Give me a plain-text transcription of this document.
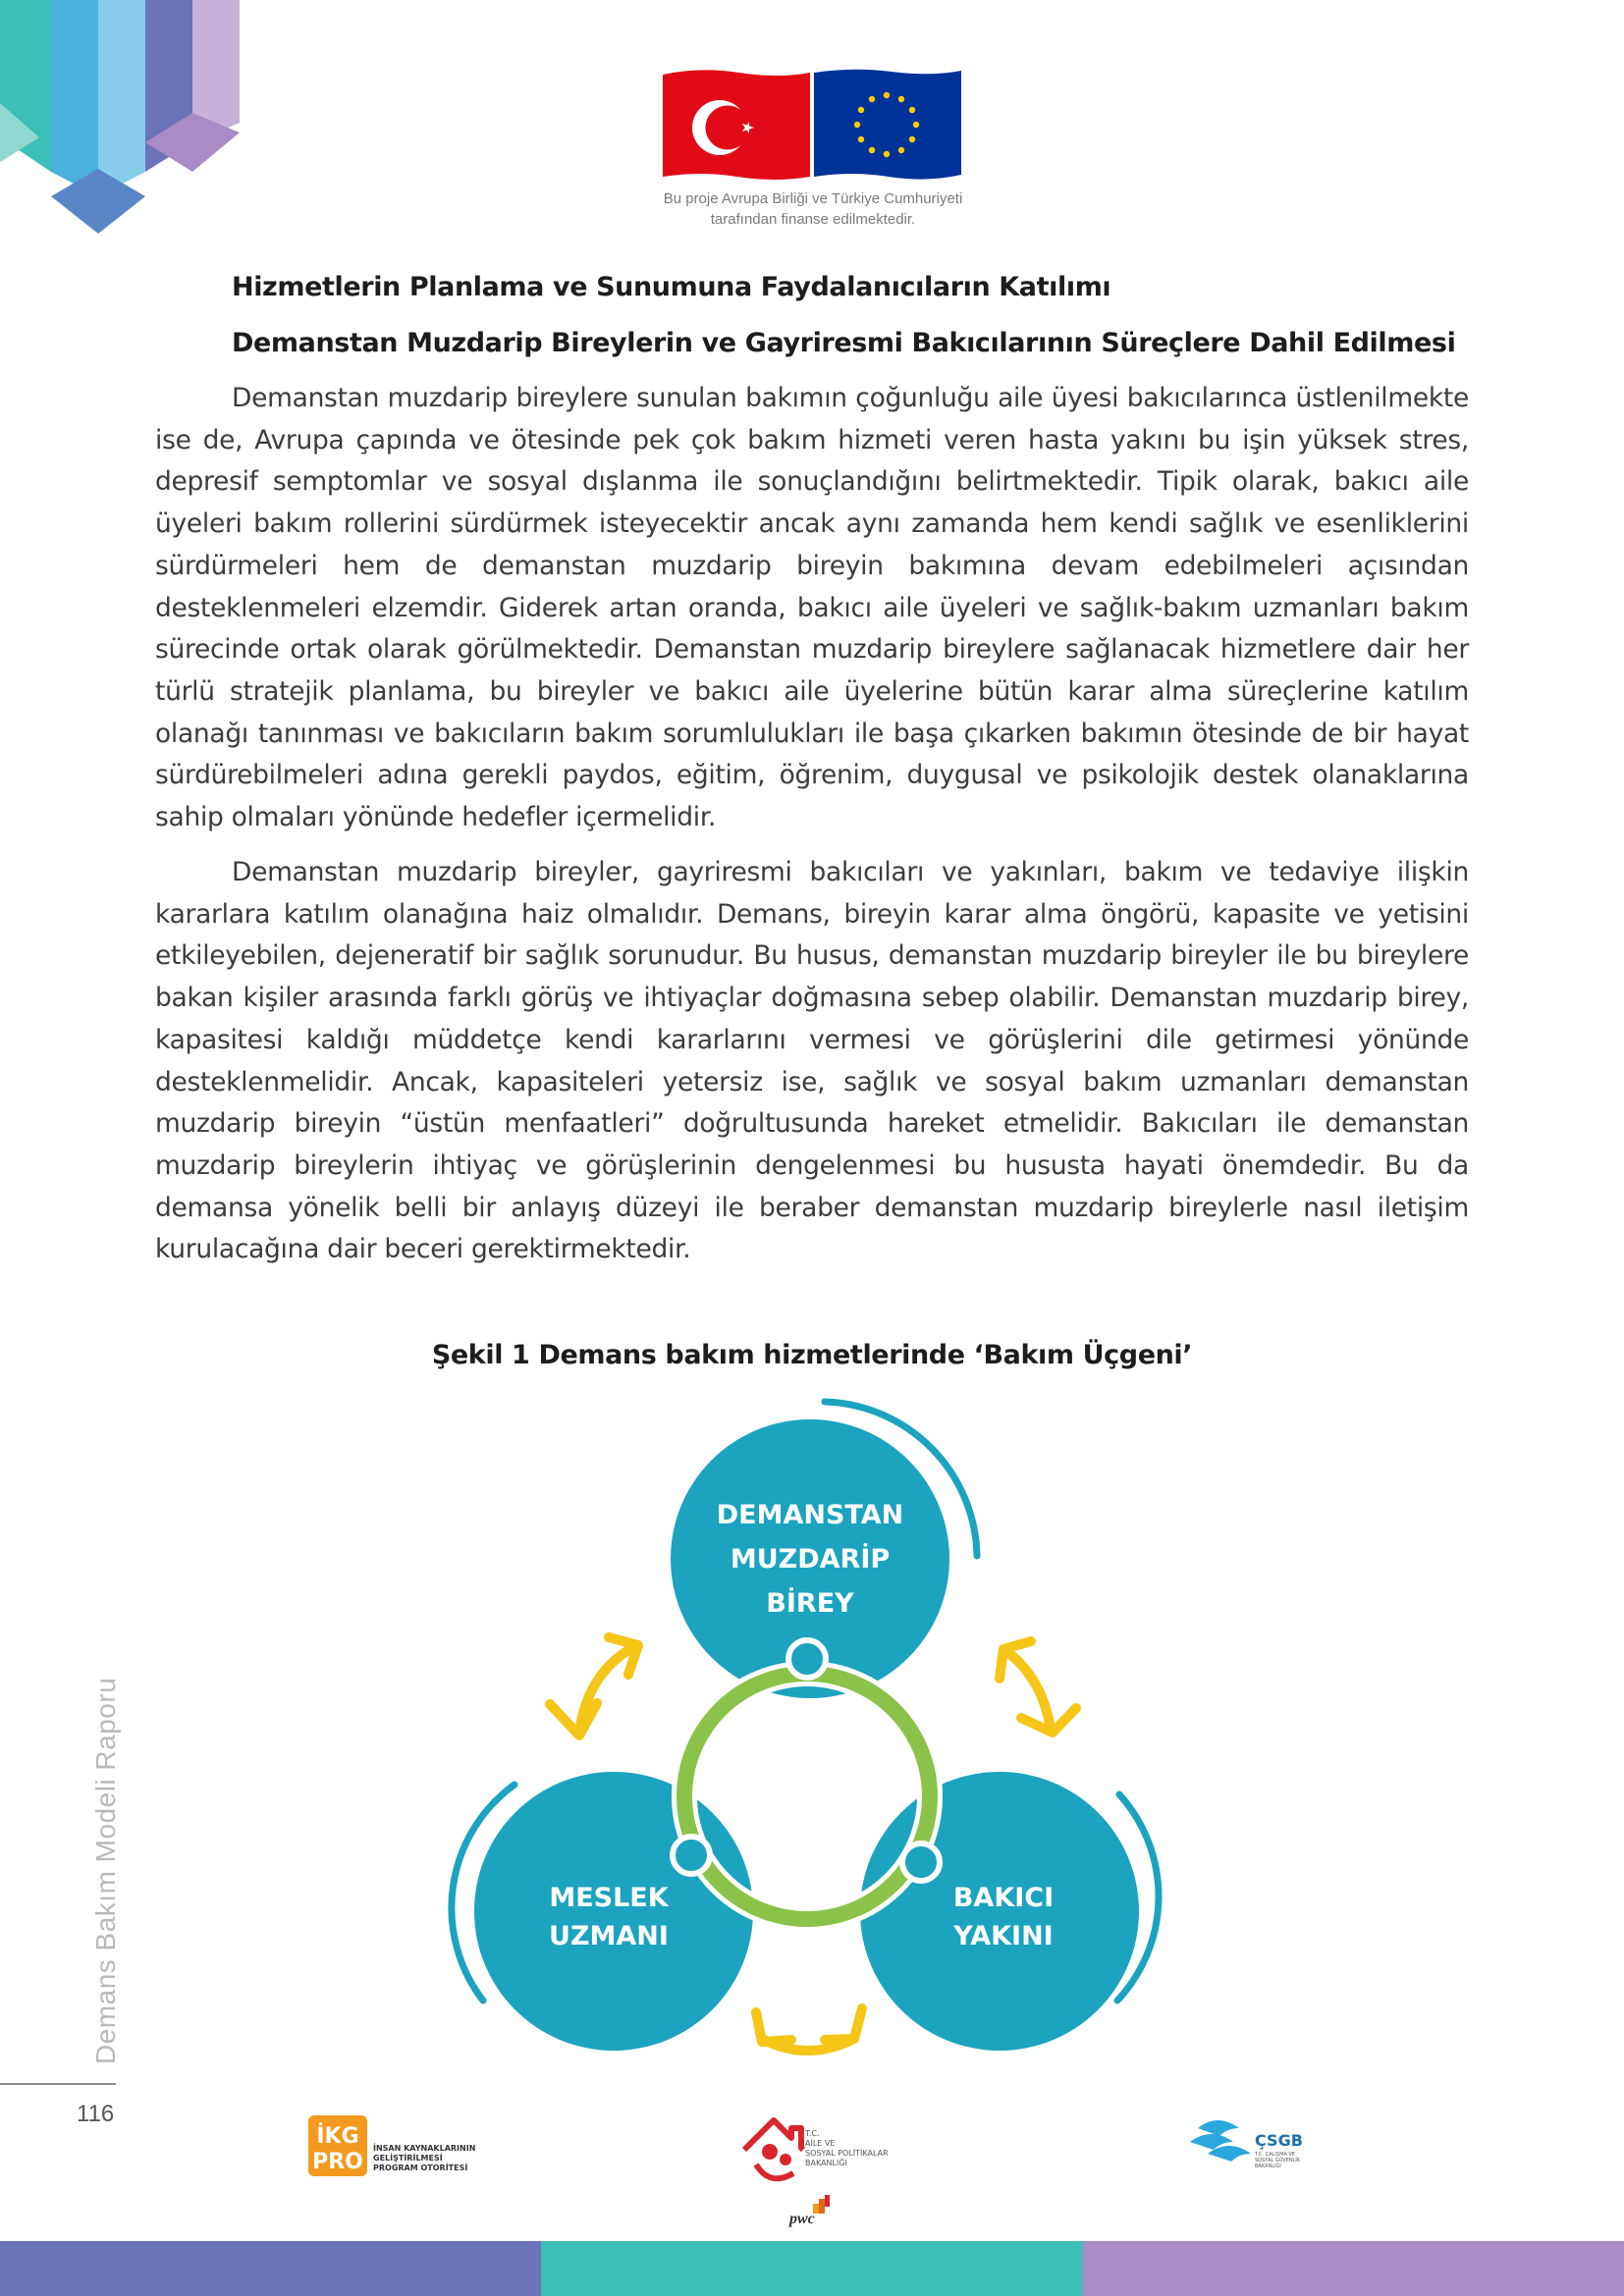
Bu proje Avrupa Birliği ve Türkiye Cumhuriyeti
tarafından finanse edilmektedir.
Hizmetlerin Planlama ve Sunumuna Faydalanıcıların Katılımı
Demanstan Muzdarip Bireylerin ve Gayriresmi Bakıcılarının Süreçlere Dahil Edilmesi

Demanstan muzdarip bireylere sunulan bakımın çoğunluğu aile üyesi bakıcılarınca üstlenilmekte ise de, Avrupa çapında ve ötesinde pek çok bakım hizmeti veren hasta yakını bu işin yüksek stres, depresif semptomlar ve sosyal dışlanma ile sonuçlandığını belirtmektedir. Tipik olarak, bakıcı aile üyeleri bakım rollerini sürdürmek isteyecektir ancak aynı zamanda hem kendi sağlık ve esenliklerini sürdürmeleri hem de demanstan muzdarip bireyin bakımına devam edebilmeleri açısından desteklenmeleri elzemdir. Giderek artan oranda, bakıcı aile üyeleri ve sağlık-bakım uzmanları bakım sürecinde ortak olarak görülmektedir. Demanstan muzdarip bireylere sağlanacak hizmetlere dair her türlü stratejik planlama, bu bireyler ve bakıcı aile üyelerine bütün karar alma süreçlerine katılım olanağı tanınması ve bakıcıların bakım sorumlulukları ile başa çıkarken bakımın ötesinde de bir hayat sürdürebilmeleri adına gerekli paydos, eğitim, öğrenim, duygusal ve psikolojik destek olanaklarına sahip olmaları yönünde hedefler içermelidir.

Demanstan muzdarip bireyler, gayriresmi bakıcıları ve yakınları, bakım ve tedaviye ilişkin kararlara katılım olanağına haiz olmalıdır. Demans, bireyin karar alma öngörü, kapasite ve yetisini etkileyebilen, dejeneratif bir sağlık sorunudur. Bu husus, demanstan muzdarip bireyler ile bu bireylere bakan kişiler arasında farklı görüş ve ihtiyaçlar doğmasına sebep olabilir. Demanstan muzdarip birey, kapasitesi kaldığı müddetçe kendi kararlarını vermesi ve görüşlerini dile getirmesi yönünde desteklenmelidir. Ancak, kapasiteleri yetersiz ise, sağlık ve sosyal bakım uzmanları demanstan muzdarip bireyin “üstün menfaatleri” doğrultusunda hareket etmelidir. Bakıcıları ile demanstan muzdarip bireylerin ihtiyaç ve görüşlerinin dengelenmesi bu hususta hayati önemdedir. Bu da demansa yönelik belli bir anlayış düzeyi ile beraber demanstan muzdarip bireylerle nasıl iletişim kurulacağına dair beceri gerektirmektedir.

Şekil 1 Demans bakım hizmetlerinde ‘Bakım Üçgeni’
DEMANSTAN
MUZDARİP
BİREY
MESLEK
UZMANI
BAKICI
YAKINI
Demans Bakım Modeli Raporu
116
İKG
PRO
İNSAN KAYNAKLARININ
GELİŞTİRİLMESİ
PROGRAM OTORİTESİ
T.C.
AİLE VE
SOSYAL POLİTİKALAR
BAKANLIĞI
pwc
ÇSGB
T.C. ÇALIŞMA VE
SOSYAL GÜVENLİK
BAKANLIĞI
